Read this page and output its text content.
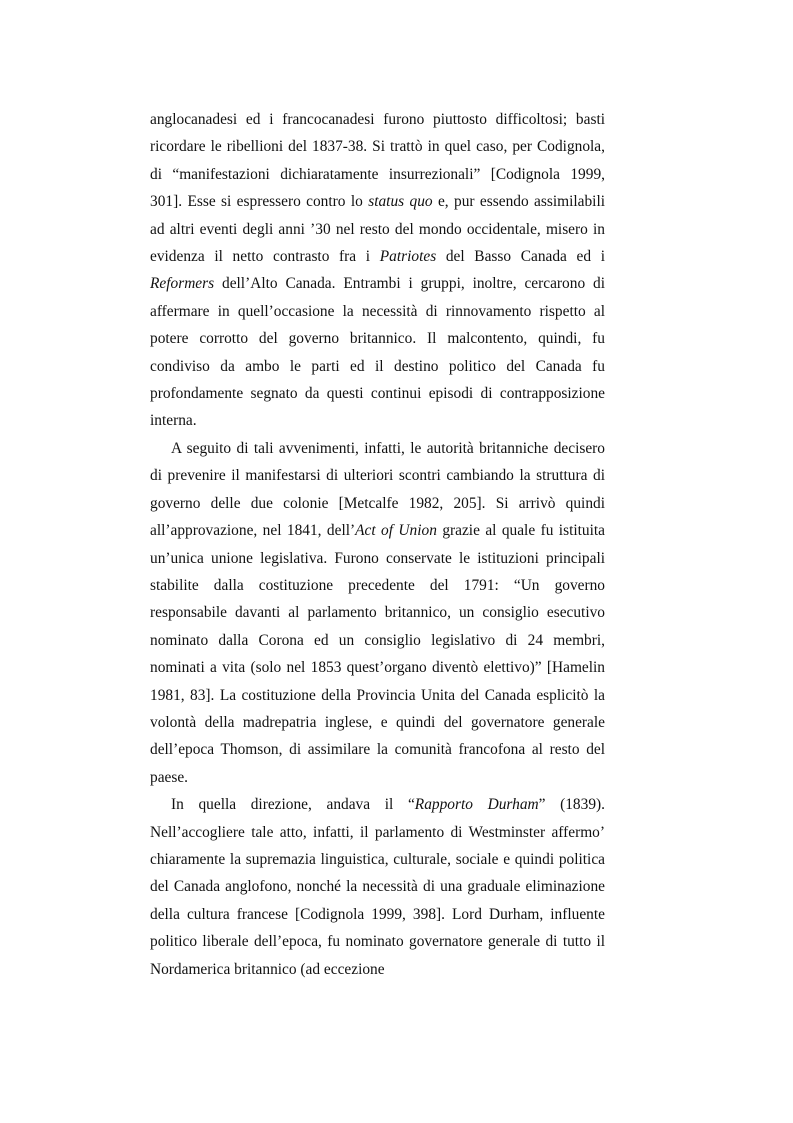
anglocanadesi ed i francocanadesi furono piuttosto difficoltosi; basti ricordare le ribellioni del 1837-38. Si trattò in quel caso, per Codignola, di “manifestazioni dichiaratamente insurrezionali” [Codignola 1999, 301]. Esse si espressero contro lo status quo e, pur essendo assimilabili ad altri eventi degli anni ’30 nel resto del mondo occidentale, misero in evidenza il netto contrasto fra i Patriotes del Basso Canada ed i Reformers dell’Alto Canada. Entrambi i gruppi, inoltre, cercarono di affermare in quell’occasione la necessità di rinnovamento rispetto al potere corrotto del governo britannico. Il malcontento, quindi, fu condiviso da ambo le parti ed il destino politico del Canada fu profondamente segnato da questi continui episodi di contrapposizione interna.

A seguito di tali avvenimenti, infatti, le autorità britanniche decisero di prevenire il manifestarsi di ulteriori scontri cambiando la struttura di governo delle due colonie [Metcalfe 1982, 205]. Si arrivò quindi all’approvazione, nel 1841, dell’Act of Union grazie al quale fu istituita un’unica unione legislativa. Furono conservate le istituzioni principali stabilite dalla costituzione precedente del 1791: “Un governo responsabile davanti al parlamento britannico, un consiglio esecutivo nominato dalla Corona ed un consiglio legislativo di 24 membri, nominati a vita (solo nel 1853 quest’organo diventò elettivo)” [Hamelin 1981, 83]. La costituzione della Provincia Unita del Canada esplicitò la volontà della madrepatria inglese, e quindi del governatore generale dell’epoca Thomson, di assimilare la comunità francofona al resto del paese.

In quella direzione, andava il “Rapporto Durham” (1839). Nell’accogliere tale atto, infatti, il parlamento di Westminster affermo’ chiaramente la supremazia linguistica, culturale, sociale e quindi politica del Canada anglofono, nonché la necessità di una graduale eliminazione della cultura francese [Codignola 1999, 398]. Lord Durham, influente politico liberale dell’epoca, fu nominato governatore generale di tutto il Nordamerica britannico (ad eccezione
